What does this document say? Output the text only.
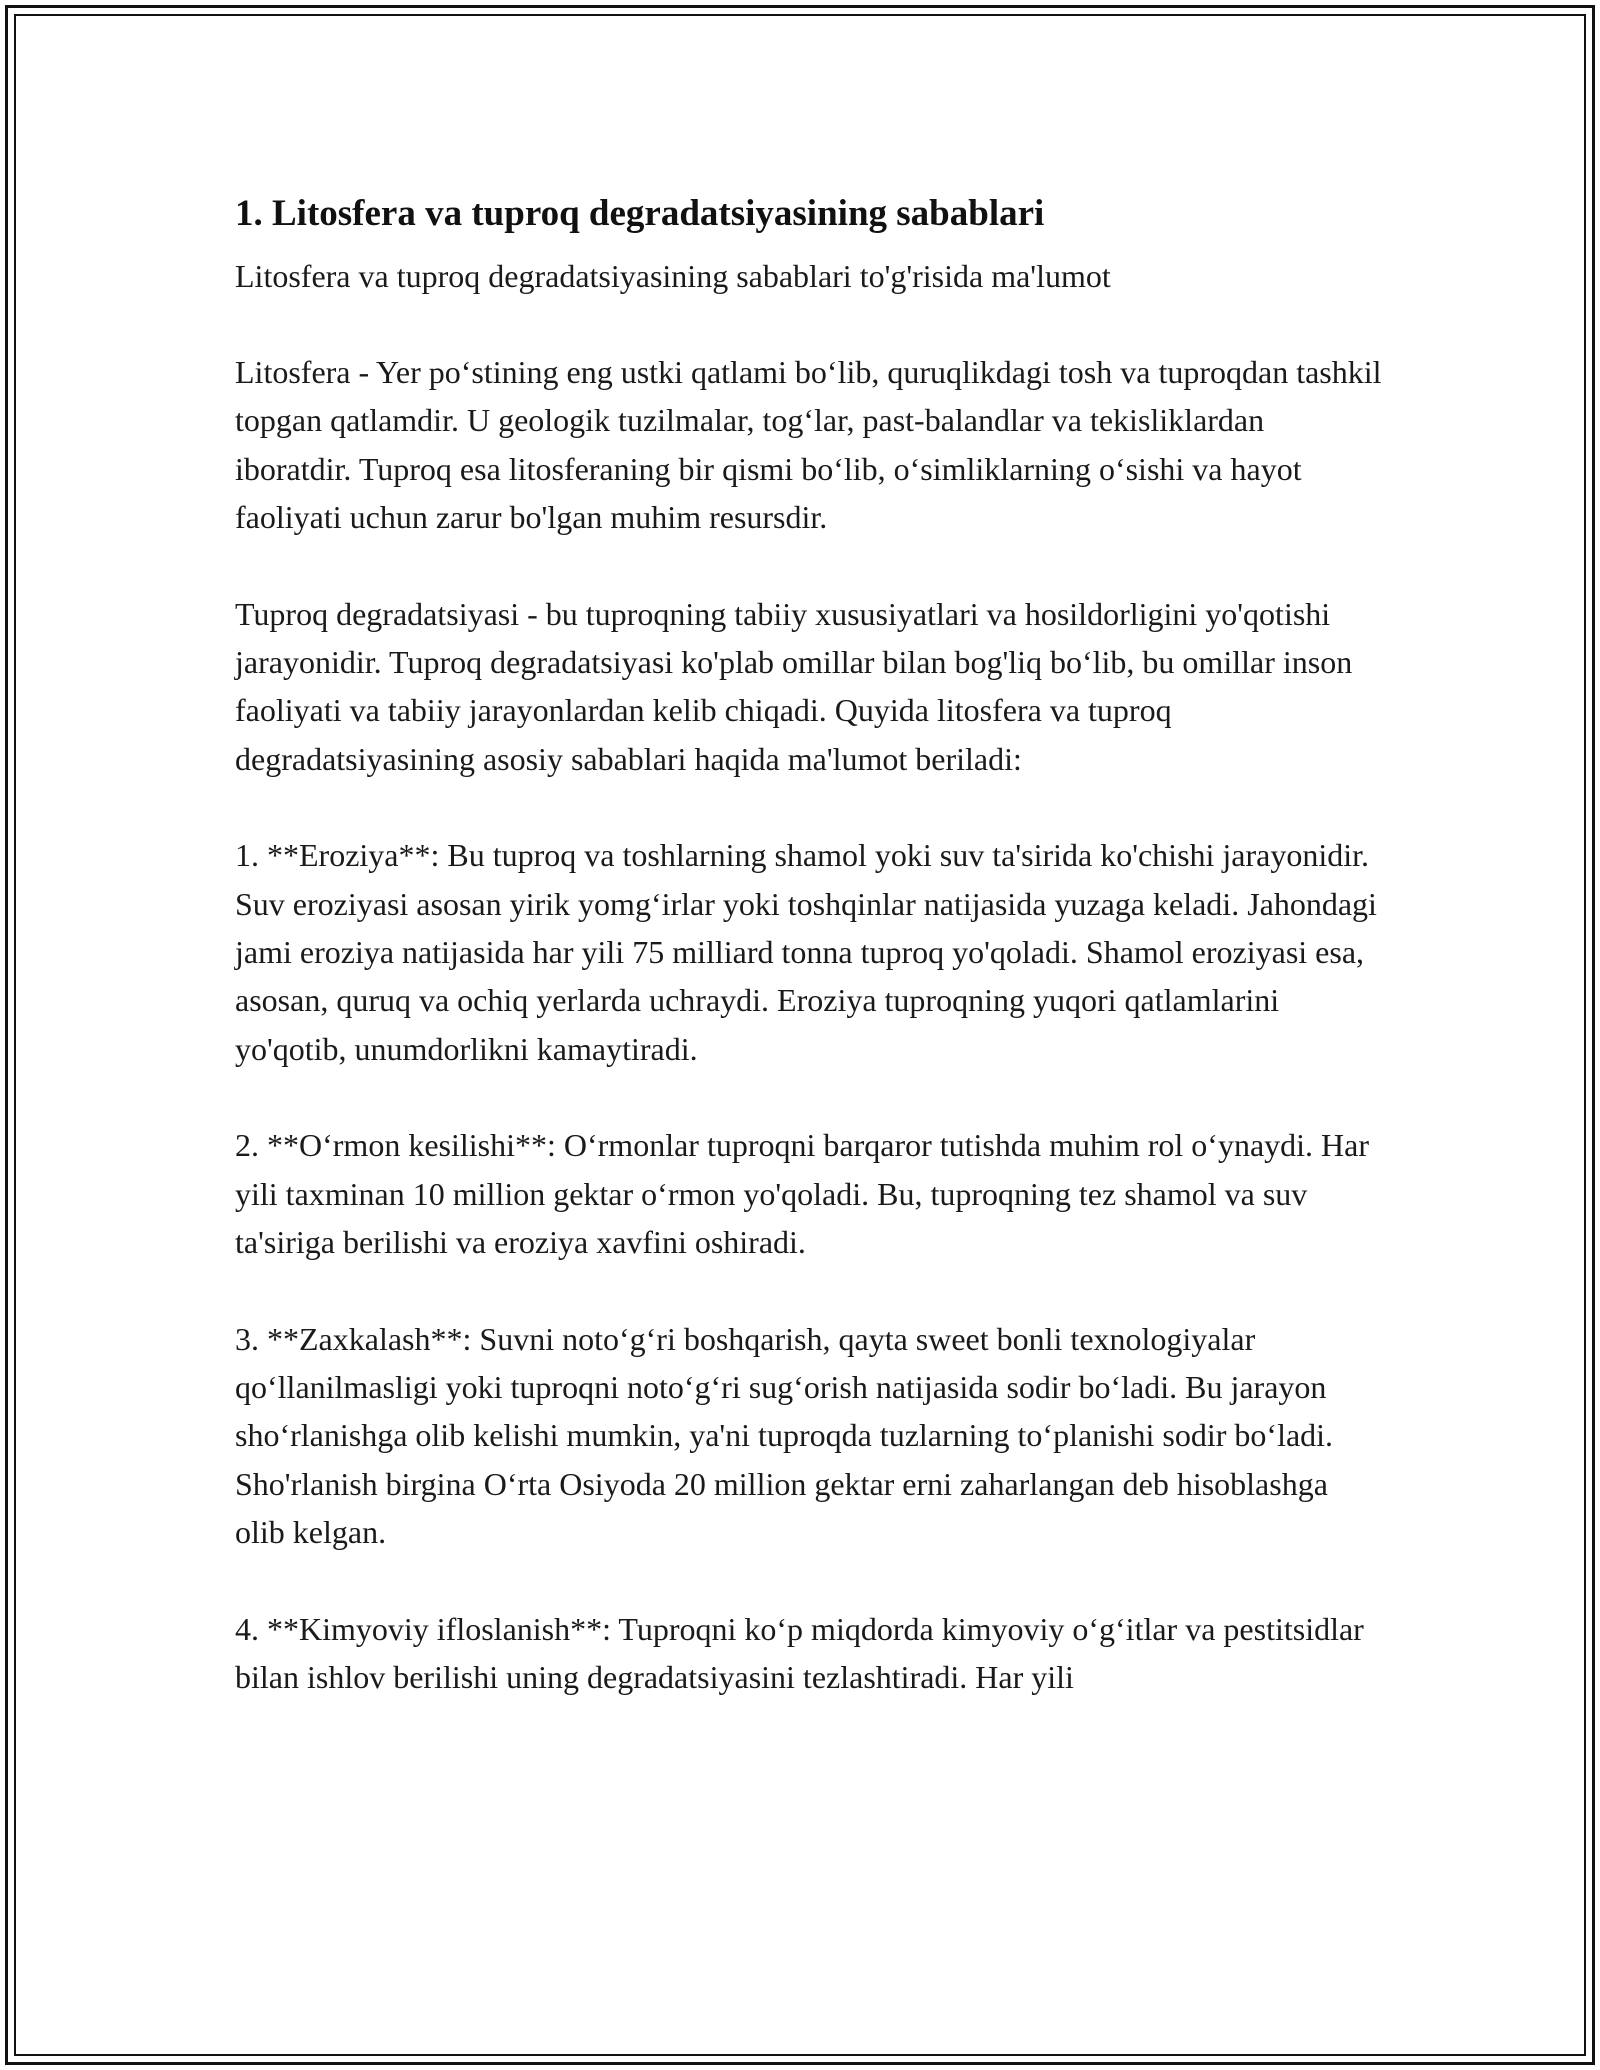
1. Litosfera va tuproq degradatsiyasining sabablari

Litosfera va tuproq degradatsiyasining sabablari to'g'risida ma'lumot

Litosfera - Yer po‘stining eng ustki qatlami bo‘lib, quruqlikdagi tosh va tuproqdan tashkil topgan qatlamdir. U geologik tuzilmalar, tog‘lar, past-balandlar va tekisliklardan iboratdir. Tuproq esa litosferaning bir qismi bo‘lib, o‘simliklarning o‘sishi va hayot faoliyati uchun zarur bo'lgan muhim resursdir.

Tuproq degradatsiyasi - bu tuproqning tabiiy xususiyatlari va hosildorligini yo'qotishi jarayonidir. Tuproq degradatsiyasi ko'plab omillar bilan bog'liq bo‘lib, bu omillar inson faoliyati va tabiiy jarayonlardan kelib chiqadi. Quyida litosfera va tuproq degradatsiyasining asosiy sabablari haqida ma'lumot beriladi:

1. **Eroziya**: Bu tuproq va toshlarning shamol yoki suv ta'sirida ko'chishi jarayonidir. Suv eroziyasi asosan yirik yomg‘irlar yoki toshqinlar natijasida yuzaga keladi. Jahondagi jami eroziya natijasida har yili 75 milliard tonna tuproq yo'qoladi. Shamol eroziyasi esa, asosan, quruq va ochiq yerlarda uchraydi. Eroziya tuproqning yuqori qatlamlarini yo'qotib, unumdorlikni kamaytiradi.

2. **O‘rmon kesilishi**: O‘rmonlar tuproqni barqaror tutishda muhim rol o‘ynaydi. Har yili taxminan 10 million gektar o‘rmon yo'qoladi. Bu, tuproqning tez shamol va suv ta'siriga berilishi va eroziya xavfini oshiradi.

3. **Zaxkalash**: Suvni noto‘g‘ri boshqarish, qayta sweet bonli texnologiyalar qo‘llanilmasligi yoki tuproqni noto‘g‘ri sug‘orish natijasida sodir bo‘ladi. Bu jarayon sho‘rlanishga olib kelishi mumkin, ya'ni tuproqda tuzlarning to‘planishi sodir bo‘ladi. Sho'rlanish birgina O‘rta Osiyoda 20 million gektar erni zaharlangan deb hisoblashga olib kelgan.

4. **Kimyoviy ifloslanish**: Tuproqni ko‘p miqdorda kimyoviy o‘g‘itlar va pestitsidlar bilan ishlov berilishi uning degradatsiyasini tezlashtiradi. Har yili
